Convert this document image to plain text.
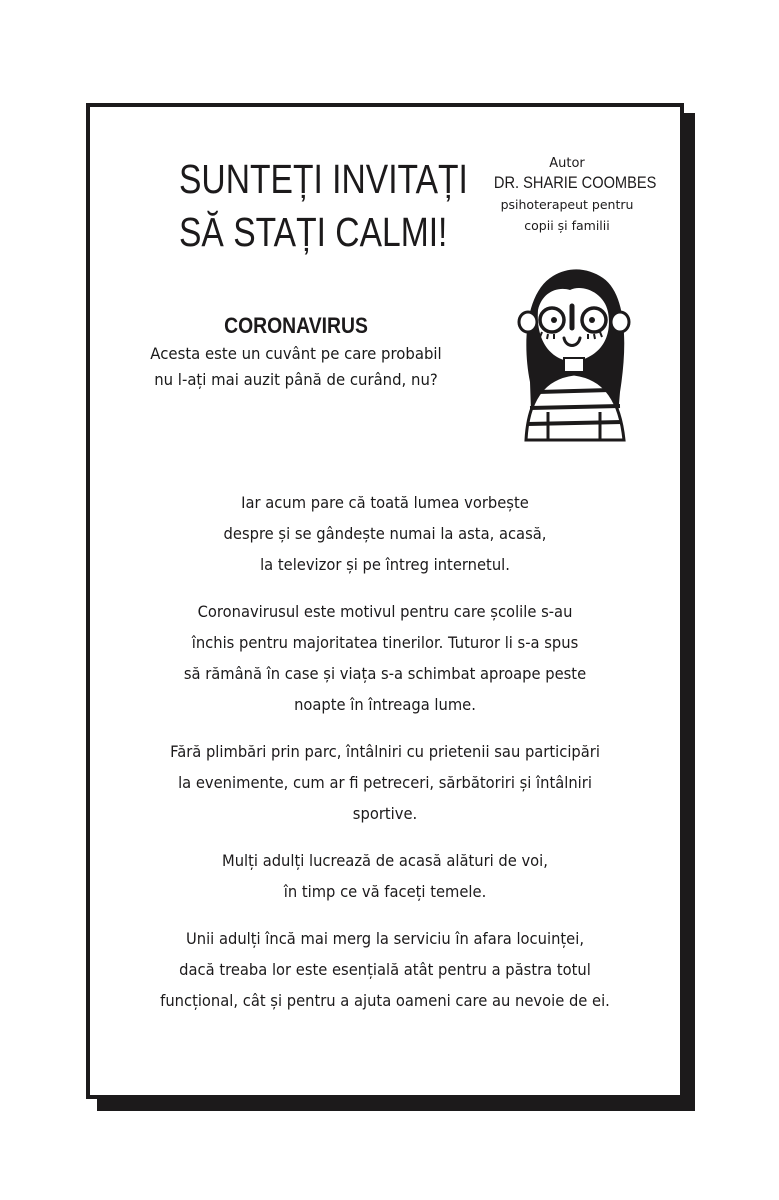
SUNTEȚI INVITAȚI
SĂ STAȚI CALMI!
Autor
DR. SHARIE COOMBES
psihoterapeut pentru
copii și familii
CORONAVIRUS
Acesta este un cuvânt pe care probabil
nu l-ați mai auzit până de curând, nu?

Iar acum pare că toată lumea vorbește
despre și se gândește numai la asta, acasă,
la televizor și pe întreg internetul.

Coronavirusul este motivul pentru care școlile s-au
închis pentru majoritatea tinerilor. Tuturor li s-a spus
să rămână în case și viața s-a schimbat aproape peste
noapte în întreaga lume.

Fără plimbări prin parc, întâlniri cu prietenii sau participări
la evenimente, cum ar fi petreceri, sărbătoriri și întâlniri
sportive.

Mulți adulți lucrează de acasă alături de voi,
în timp ce vă faceți temele.

Unii adulți încă mai merg la serviciu în afara locuinței,
dacă treaba lor este esențială atât pentru a păstra totul
funcțional, cât și pentru a ajuta oameni care au nevoie de ei.
